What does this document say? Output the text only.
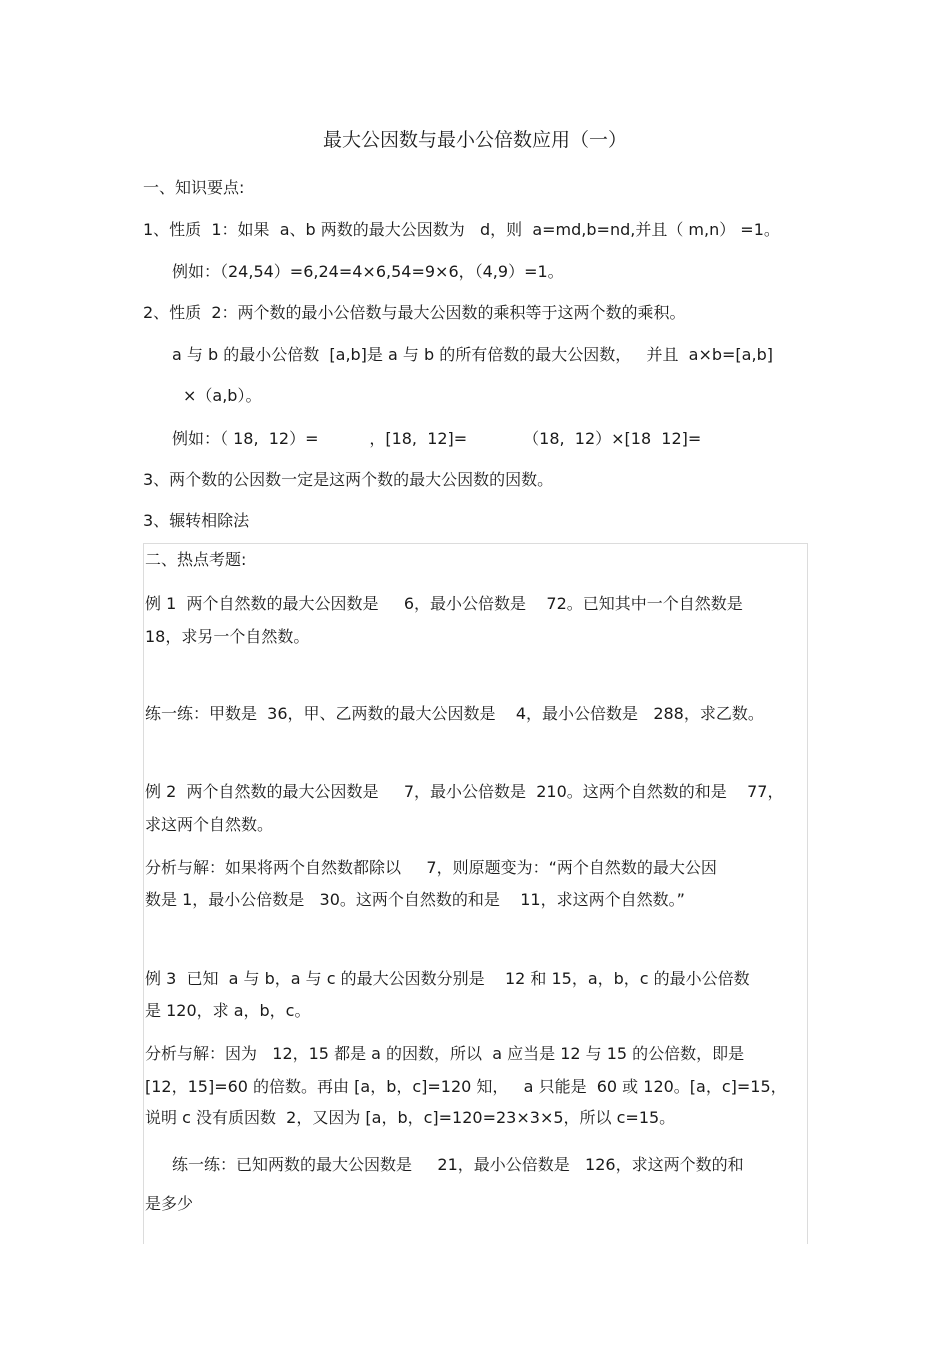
最大公因数与最小公倍数应用（一）
一、知识要点:
1、性质  1：如果  a、b 两数的最大公因数为   d，则  a=md,b=nd,并且（ m,n） =1。
例如：（24,54）=6,24=4×6,54=9×6，（4,9）=1。
2、性质  2：两个数的最小公倍数与最大公因数的乘积等于这两个数的乘积。
a 与 b 的最小公倍数  [a,b]是 a 与 b 的所有倍数的最大公因数，   并且  a×b=[a,b]
×（a,b）。
例如：（ 18,  12）=          ，[18,  12]=           （18,  12）×[18  12]=
3、两个数的公因数一定是这两个数的最大公因数的因数。
3、辗转相除法
二、热点考题:
例 1  两个自然数的最大公因数是     6，最小公倍数是    72。已知其中一个自然数是
18，求另一个自然数。
练一练：甲数是  36，甲、乙两数的最大公因数是    4，最小公倍数是   288，求乙数。
例 2  两个自然数的最大公因数是     7，最小公倍数是  210。这两个自然数的和是    77，
求这两个自然数。
分析与解：如果将两个自然数都除以     7，则原题变为：“两个自然数的最大公因
数是 1，最小公倍数是   30。这两个自然数的和是    11，求这两个自然数。”
例 3  已知  a 与 b，a 与 c 的最大公因数分别是    12 和 15，a，b，c 的最小公倍数
是 120，求 a，b，c。
分析与解：因为   12，15 都是 a 的因数，所以  a 应当是 12 与 15 的公倍数，即是
[12，15]=60 的倍数。再由 [a，b，c]=120 知，   a 只能是  60 或 120。[a，c]=15，
说明 c 没有质因数  2，又因为 [a，b，c]=120=23×3×5，所以 c=15。
练一练：已知两数的最大公因数是     21，最小公倍数是   126，求这两个数的和
是多少
